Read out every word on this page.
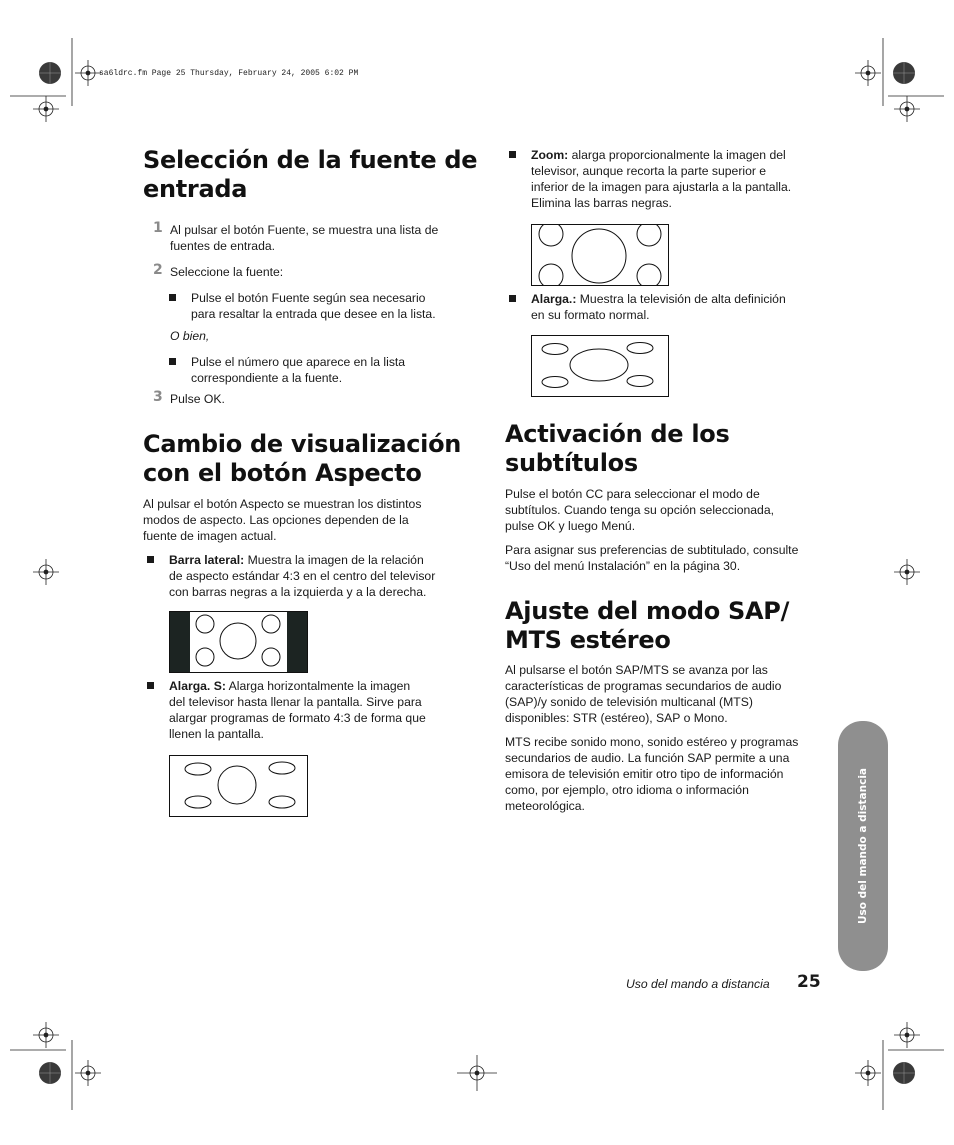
sa6ldrc.fm Page 25 Thursday, February 24, 2005 6:02 PM
Selección de la fuente de
entrada
1 Al pulsar el botón Fuente, se muestra una lista de
fuentes de entrada.
2 Seleccione la fuente:
Pulse el botón Fuente según sea necesario
para resaltar la entrada que desee en la lista.
O bien,
Pulse el número que aparece en la lista
correspondiente a la fuente.
3 Pulse OK.
Cambio de visualización
con el botón Aspecto

Al pulsar el botón Aspecto se muestran los distintos
modos de aspecto. Las opciones dependen de la
fuente de imagen actual.

Barra lateral: Muestra la imagen de la relación
de aspecto estándar 4:3 en el centro del televisor
con barras negras a la izquierda y a la derecha.
Alarga. S: Alarga horizontalmente la imagen
del televisor hasta llenar la pantalla. Sirve para
alargar programas de formato 4:3 de forma que
llenen la pantalla.
Zoom: alarga proporcionalmente la imagen del
televisor, aunque recorta la parte superior e
inferior de la imagen para ajustarla a la pantalla.
Elimina las barras negras.
Alarga.: Muestra la televisión de alta definición
en su formato normal.
Activación de los
subtítulos

Pulse el botón CC para seleccionar el modo de
subtítulos. Cuando tenga su opción seleccionada,
pulse OK y luego Menú.

Para asignar sus preferencias de subtitulado, consulte
“Uso del menú Instalación” en la página 30.

Ajuste del modo SAP/
MTS estéreo

Al pulsarse el botón SAP/MTS se avanza por las
características de programas secundarios de audio
(SAP)/y sonido de televisión multicanal (MTS)
disponibles: STR (estéreo), SAP o Mono.

MTS recibe sonido mono, sonido estéreo y programas
secundarios de audio. La función SAP permite a una
emisora de televisión emitir otro tipo de información
como, por ejemplo, otro idioma o información
meteorológica.	Uso del mando a distancia
Uso del mando a distancia 25
